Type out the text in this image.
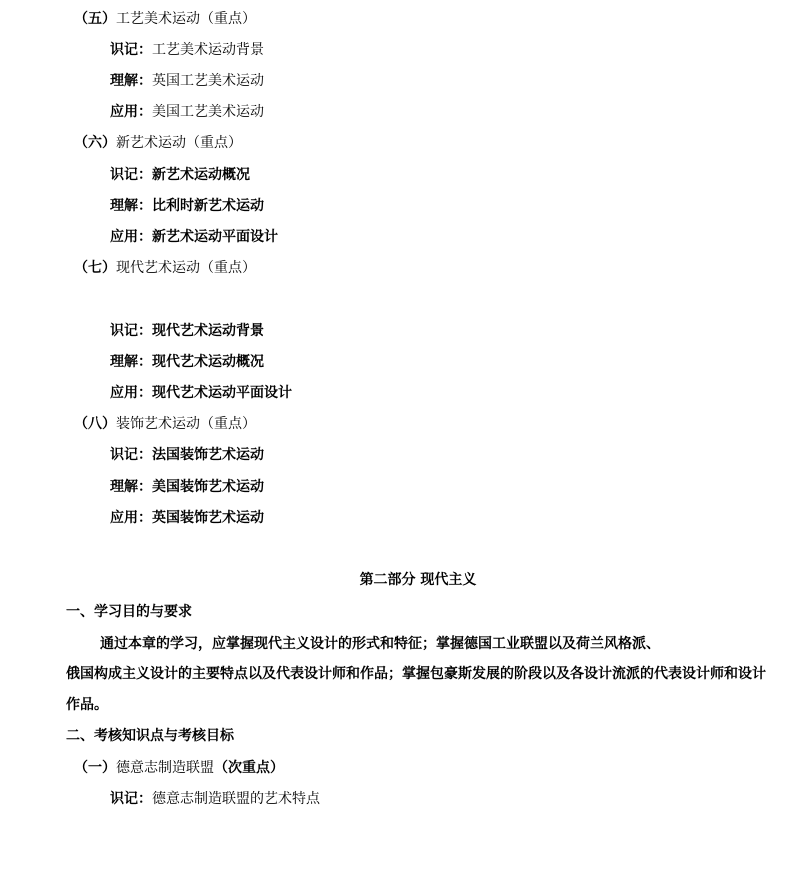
（五）工艺美术运动（重点）
识记：工艺美术运动背景
理解：英国工艺美术运动
应用：美国工艺美术运动
（六）新艺术运动（重点）
识记：新艺术运动概况
理解：比利时新艺术运动
应用：新艺术运动平面设计
（七）现代艺术运动（重点）
识记：现代艺术运动背景
理解：现代艺术运动概况
应用：现代艺术运动平面设计
（八）装饰艺术运动（重点）
识记：法国装饰艺术运动
理解：美国装饰艺术运动
应用：英国装饰艺术运动
第二部分 现代主义
一、学习目的与要求
通过本章的学习，应掌握现代主义设计的形式和特征；掌握德国工业联盟以及荷兰风格派、
俄国构成主义设计的主要特点以及代表设计师和作品；掌握包豪斯发展的阶段以及各设计流派的代表设计师和设计
作品。
二、考核知识点与考核目标
（一）德意志制造联盟（次重点）
识记：德意志制造联盟的艺术特点
